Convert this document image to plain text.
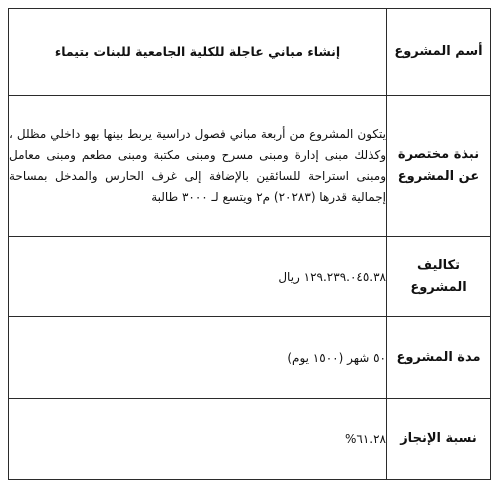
أسم المشروع	إنشاء مباني عاجلة للكلية الجامعية للبنات بتيماء
نبذة مختصرة عن المشروع	يتكون المشروع من أربعة مباني فصول دراسية يربط بينها بهو داخلي مظلل ، وكذلك مبنى إدارة ومبنى مسرح ومبنى مكتبة ومبنى مطعم ومبنى معامل ومبنى استراحة للسائقين بالإضافة إلى غرف الحارس والمدخل بمساحة إجمالية قدرها (٢٠٢٨٣) م٢ ويتسع لـ ٣٠٠٠ طالبة
تكاليف المشروع	١٢٩.٢٣٩.٠٤٥.٣٨ ريال
مدة المشروع	٥٠ شهر (١٥٠٠ يوم)
نسبة الإنجاز	٦١.٢٨%
